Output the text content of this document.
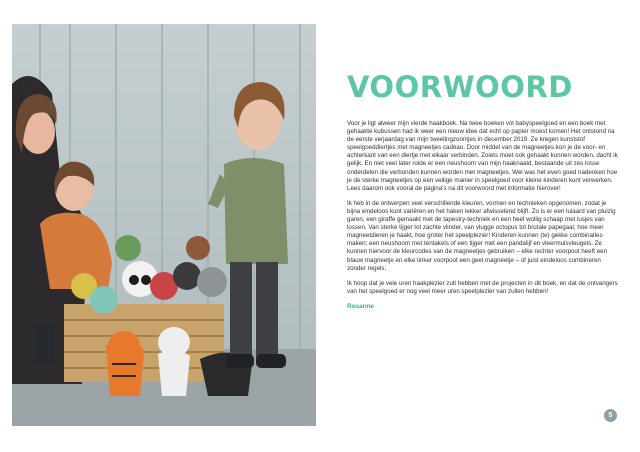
VOORWOORD

Voor je ligt alweer mijn vierde haakboek. Na twee boeken vol babyspeelgoed en een boek met gehaakte kubussen had ik weer een nieuw idee dat echt op papier moest komen! Het ontstond na de eerste verjaardag van mijn tweelingzoontjes in december 2019. Ze kregen kunststof speelgoeddiertjes met magneetjes cadeau. Door middel van de magneetjes kon je de voor- en achterkant van een diertje met elkaar verbinden. Zoiets moet ook gehaakt kunnen worden, dacht ik gelijk. En niet veel later rolde er een neushoorn van mijn haaknaald, bestaande uit zes losse onderdelen die verbonden kunnen worden met magneetjes. Wel was het even goed nadenken hoe je de sterke magneetjes op een veilige manier in speelgoed voor kleine kinderen kunt verwerken. Lees daarom ook vooral de pagina's na dit voorwoord met informatie hierover!

Ik heb in de ontwerpen veel verschillende kleuren, vormen en technieken opgenomen, zodat je bijna eindeloos kunt variëren en het haken lekker afwisselend blijft. Zo is er een luiaard van pluizig garen, een giraffe gemaakt met de tapestry-techniek en een heel wollig schaap met lusjes van lossen. Van sterke tijger tot zachte vlinder, van vlugge octopus tot brutale papegaai; hoe meer magneetdieren je haakt, hoe groter het speelplezier! Kinderen kunnen (te) gekke combinaties maken; een neushoorn met tentakels of een tijger met een pandalijf en vleermuisvleugels. Ze kunnen hiervoor de kleurcodes van de magneetjes gebruiken – elke rechter voorpoot heeft een blauw magneetje en elke linker voorpoot een geel magneetje – of juist eindeloos combineren zonder regels.

Ik hoop dat je vele uren haakplezier zult hebben met de projecten in dit boek, en dat de ontvangers van het speelgoed er nog veel meer uren speelplezier van zullen hebben!

Rosanne
5
